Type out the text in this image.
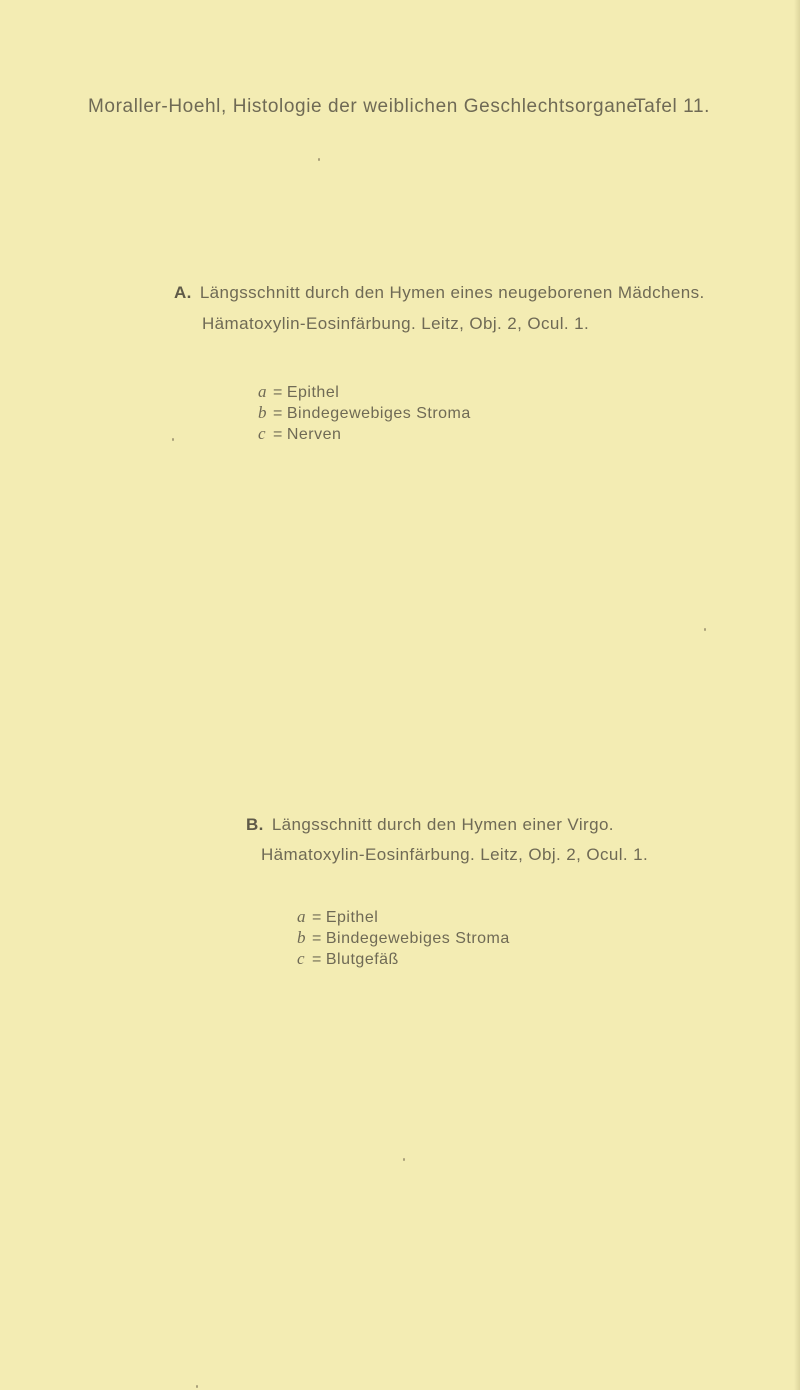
Moraller-Hoehl, Histologie der weiblichen Geschlechtsorgane.
Tafel 11.
A. Längsschnitt durch den Hymen eines neugeborenen Mädchens.
Hämatoxylin-Eosinfärbung. Leitz, Obj. 2, Ocul. 1.
a = Epithel
b = Bindegewebiges Stroma
c = Nerven
B. Längsschnitt durch den Hymen einer Virgo.
Hämatoxylin-Eosinfärbung. Leitz, Obj. 2, Ocul. 1.
a = Epithel
b = Bindegewebiges Stroma
c = Blutgefäß
